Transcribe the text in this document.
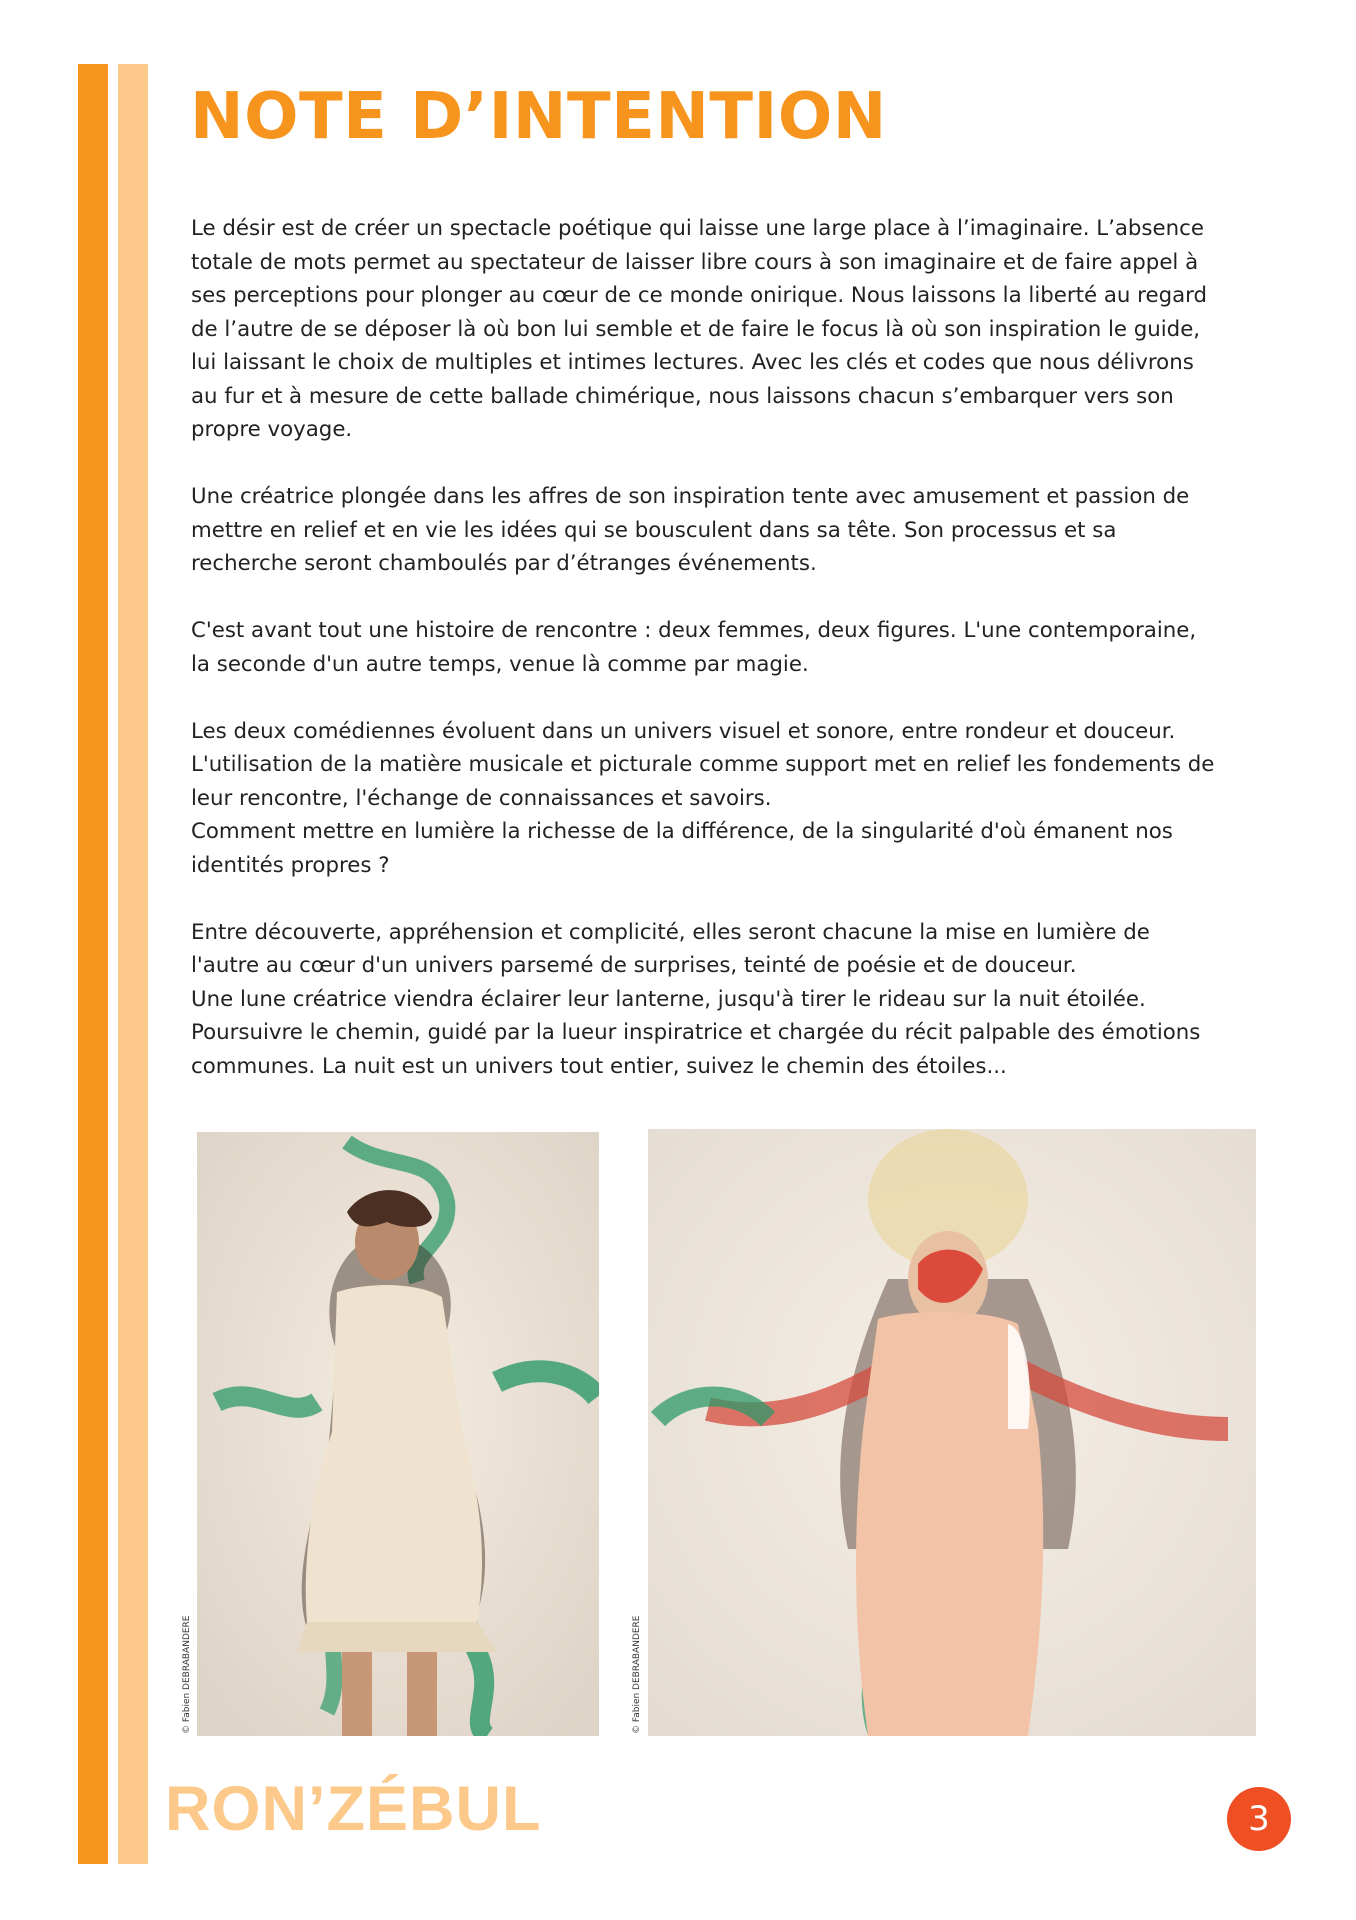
NOTE D’INTENTION

Le désir est de créer un spectacle poétique qui laisse une large place à l’imaginaire. L’absence
totale de mots permet au spectateur de laisser libre cours à son imaginaire et de faire appel à
ses perceptions pour plonger au cœur de ce monde onirique. Nous laissons la liberté au regard
de l’autre de se déposer là où bon lui semble et de faire le focus là où son inspiration le guide,
lui laissant le choix de multiples et intimes lectures. Avec les clés et codes que nous délivrons
au fur et à mesure de cette ballade chimérique, nous laissons chacun s’embarquer vers son
propre voyage.

Une créatrice plongée dans les affres de son inspiration tente avec amusement et passion de
mettre en relief et en vie les idées qui se bousculent dans sa tête. Son processus et sa
recherche seront chamboulés par d’étranges événements.

C'est avant tout une histoire de rencontre : deux femmes, deux figures. L'une contemporaine,
la seconde d'un autre temps, venue là comme par magie.

Les deux comédiennes évoluent dans un univers visuel et sonore, entre rondeur et douceur.
L'utilisation de la matière musicale et picturale comme support met en relief les fondements de
leur rencontre, l'échange de connaissances et savoirs.
Comment mettre en lumière la richesse de la différence, de la singularité d'où émanent nos
identités propres ?

Entre découverte, appréhension et complicité, elles seront chacune la mise en lumière de
l'autre au cœur d'un univers parsemé de surprises, teinté de poésie et de douceur.
Une lune créatrice viendra éclairer leur lanterne, jusqu'à tirer le rideau sur la nuit étoilée.
Poursuivre le chemin, guidé par la lueur inspiratrice et chargée du récit palpable des émotions
communes. La nuit est un univers tout entier, suivez le chemin des étoiles...

© Fabien DEBRABANDERE	© Fabien DEBRABANDERE
RON’ZÉBUL	3
